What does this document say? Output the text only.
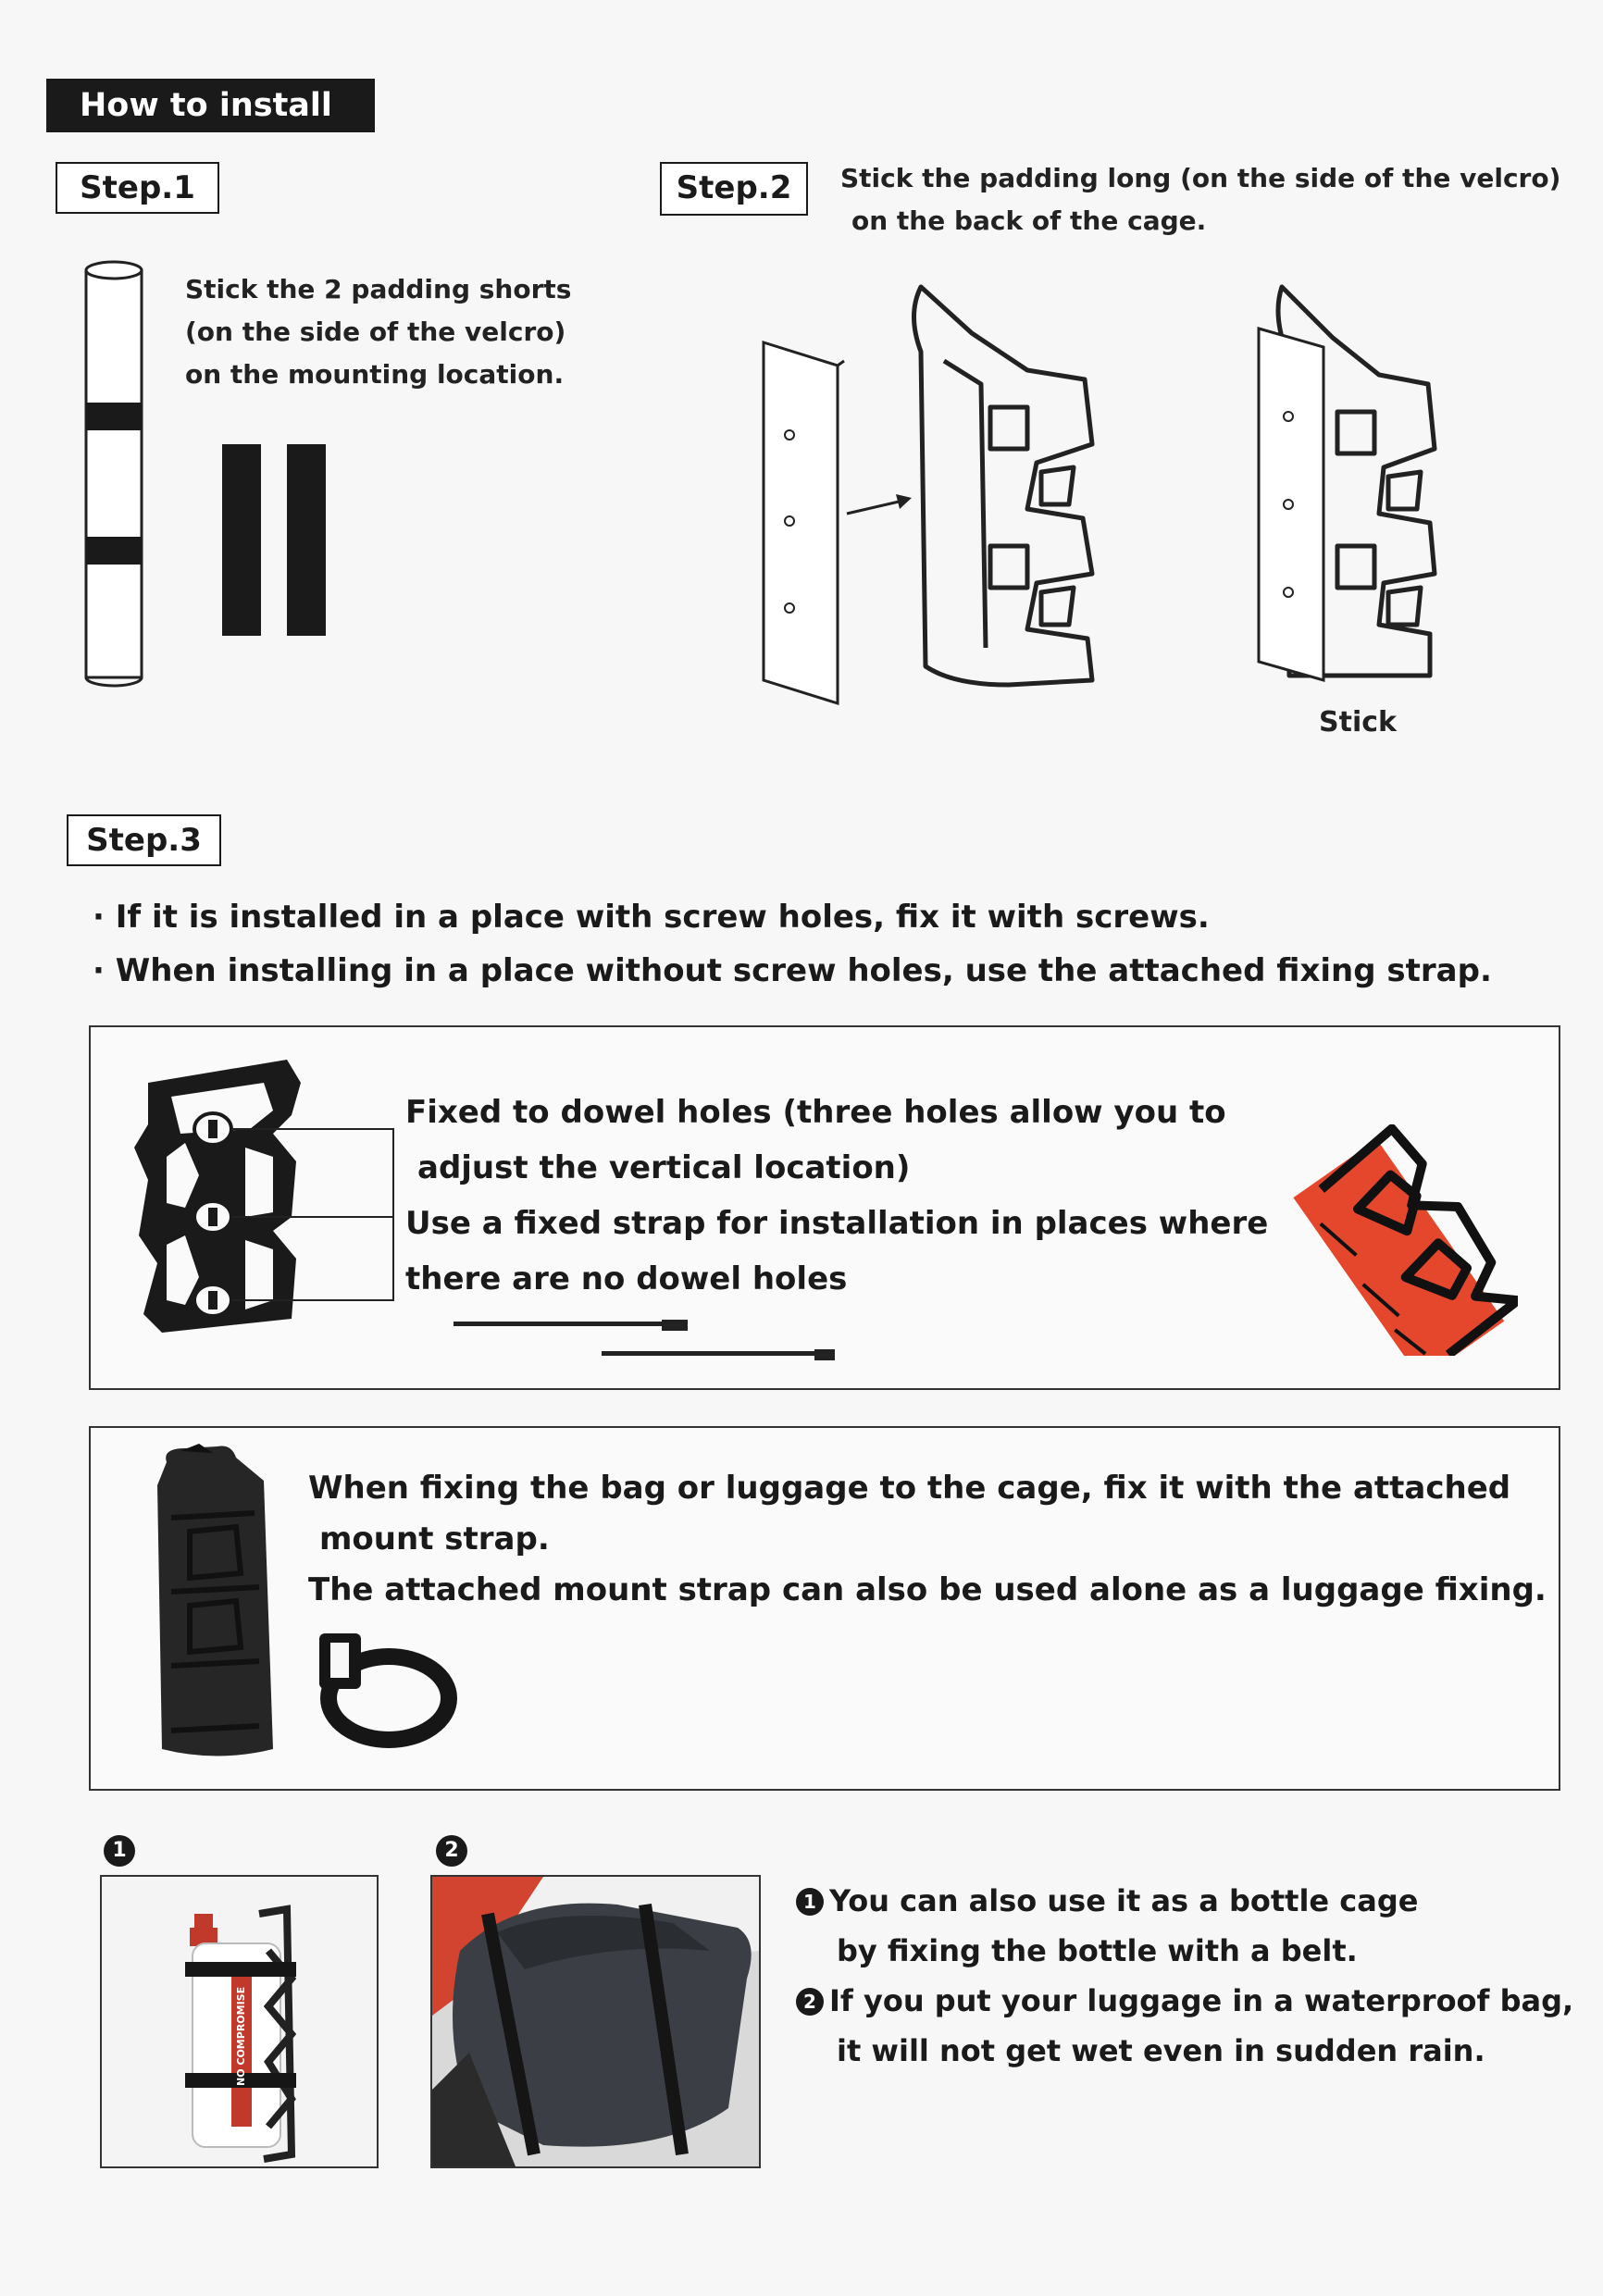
How to install
Step.1
Stick the 2 padding shorts
(on the side of the velcro)
on the mounting location.
Step.2	Stick the padding long (on the side of the velcro)
on the back of the cage.
Stick
Step.3
· If it is installed in a place with screw holes, fix it with screws.
· When installing in a place without screw holes, use the attached fixing strap.
Fixed to dowel holes (three holes allow you to
adjust the vertical location)
Use a fixed strap for installation in places where
there are no dowel holes
When fixing the bag or luggage to the cage, fix it with the attached
mount strap.
The attached mount strap can also be used alone as a luggage fixing.
1	2
NO COMPROMISE
1 You can also use it as a bottle cage
by fixing the bottle with a belt.
2 If you put your luggage in a waterproof bag,
it will not get wet even in sudden rain.
